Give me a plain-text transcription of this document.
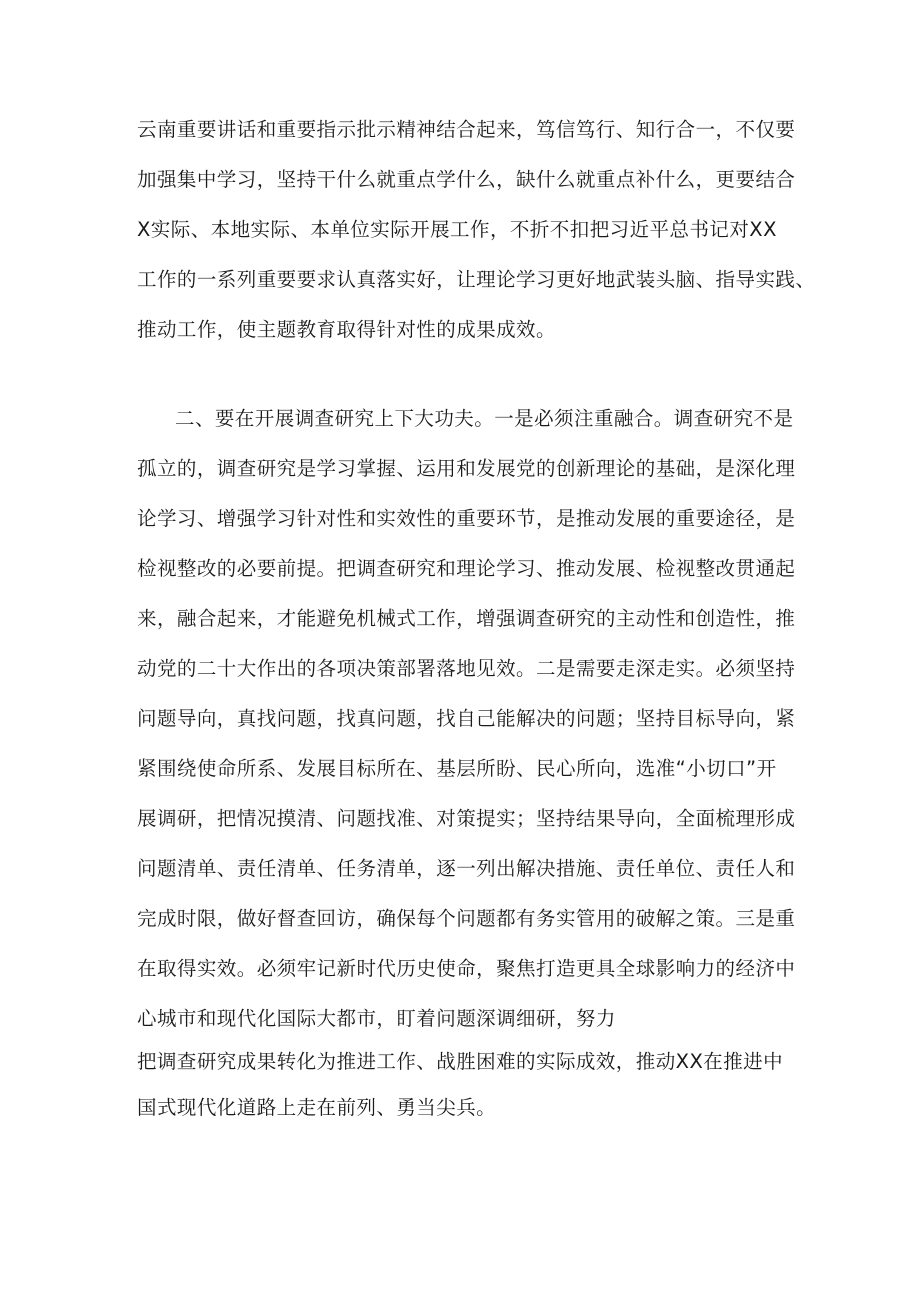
云南重要讲话和重要指示批示精神结合起来，笃信笃行、知行合一，不仅要
加强集中学习，坚持干什么就重点学什么，缺什么就重点补什么，更要结合
X实际、本地实际、本单位实际开展工作，不折不扣把习近平总书记对XX
工作的一系列重要要求认真落实好，让理论学习更好地武装头脑、指导实践、
推动工作，使主题教育取得针对性的成果成效。
二、要在开展调查研究上下大功夫。一是必须注重融合。调查研究不是
孤立的，调查研究是学习掌握、运用和发展党的创新理论的基础，是深化理
论学习、增强学习针对性和实效性的重要环节，是推动发展的重要途径，是
检视整改的必要前提。把调查研究和理论学习、推动发展、检视整改贯通起
来，融合起来，才能避免机械式工作，增强调查研究的主动性和创造性，推
动党的二十大作出的各项决策部署落地见效。二是需要走深走实。必须坚持
问题导向，真找问题，找真问题，找自己能解决的问题；坚持目标导向，紧
紧围绕使命所系、发展目标所在、基层所盼、民心所向，选准“小切口”开
展调研，把情况摸清、问题找准、对策提实；坚持结果导向，全面梳理形成
问题清单、责任清单、任务清单，逐一列出解决措施、责任单位、责任人和
完成时限，做好督查回访，确保每个问题都有务实管用的破解之策。三是重
在取得实效。必须牢记新时代历史使命，聚焦打造更具全球影响力的经济中
心城市和现代化国际大都市，盯着问题深调细研，努力
把调查研究成果转化为推进工作、战胜困难的实际成效，推动XX在推进中
国式现代化道路上走在前列、勇当尖兵。
